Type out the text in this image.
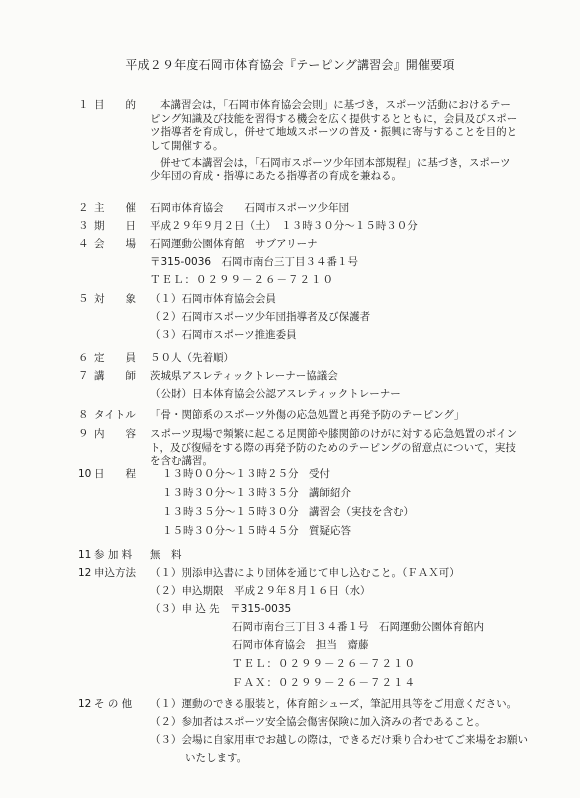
平成２９年度石岡市体育協会『テーピング講習会』開催要項
１ 目　　的	本講習会は，「石岡市体育協会会則」に基づき，スポーツ活動におけるテーピング知識及び技能を習得する機会を広く提供するとともに，会員及びスポーツ指導者を育成し，併せて地域スポーツの普及・振興に寄与することを目的として開催する。

併せて本講習会は，「石岡市スポーツ少年団本部規程」に基づき，スポーツ少年団の育成・指導にあたる指導者の育成を兼ねる。

２ 主　　催	石岡市体育協会　　石岡市スポーツ少年団
３ 期　　日	平成２９年９月２日（土）　１３時３０分～１５時３０分
４ 会　　場	石岡運動公園体育館　サブアリーナ
〒315-0036　石岡市南台三丁目３４番１号
ＴＥＬ：０２９９－２６－７２１０
５ 対　　象	（１）石岡市体育協会会員
（２）石岡市スポーツ少年団指導者及び保護者
（３）石岡市スポーツ推進委員
６ 定　　員	５０人（先着順）
７ 講　　師	茨城県アスレティックトレーナー協議会
（公財）日本体育協会公認アスレティックトレーナー
８ タイトル	「骨・関節系のスポーツ外傷の応急処置と再発予防のテーピング」
９ 内　　容	スポーツ現場で頻繁に起こる足関節や膝関節のけがに対する応急処置のポイント，及び復帰をする際の再発予防のためのテーピングの留意点について，実技を含む講習。
10 日　　程	１３時００分～１３時２５分　受付
１３時３０分～１３時３５分　講師紹介
１３時３５分～１５時３０分　講習会（実技を含む）
１５時３０分～１５時４５分　質疑応答
11 参 加 料	無　料
12 申込方法	（１）別添申込書により団体を通じて申し込むこと。（ＦＡＸ可）
（２）申込期限　平成２９年８月１６日（水）
（３）申 込 先　〒315-0035
石岡市南台三丁目３４番１号　石岡運動公園体育館内
石岡市体育協会　担当　齋藤
ＴＥＬ：０２９９－２６－７２１０
ＦＡＸ：０２９９－２６－７２１４
12 そ の 他	（１）運動のできる服装と，体育館シューズ，筆記用具等をご用意ください。
（２）参加者はスポーツ安全協会傷害保険に加入済みの者であること。
（３）会場に自家用車でお越しの際は，できるだけ乗り合わせてご来場をお願い
いたします。
